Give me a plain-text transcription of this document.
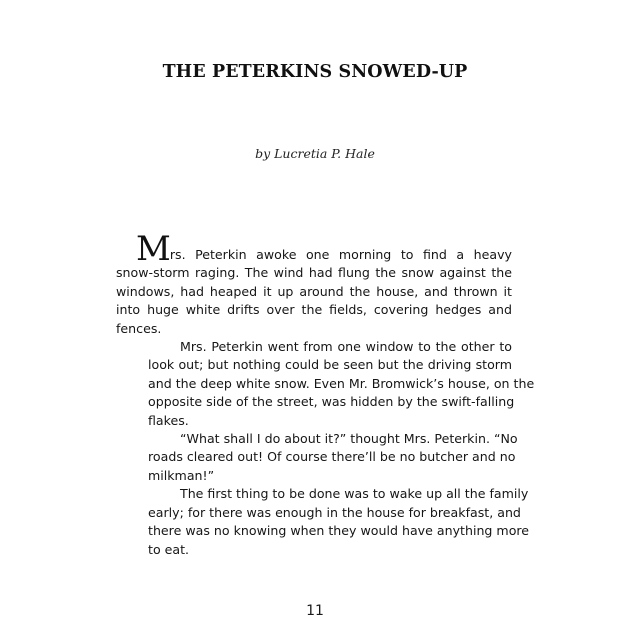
THE PETERKINS SNOWED-UP
by Lucretia P. Hale

Mrs. Peterkin awoke one morning to find a heavy
snow-storm raging. The wind had flung the snow against the
windows, had heaped it up around the house, and thrown it
into huge white drifts over the fields, covering hedges and
fences.

Mrs. Peterkin went from one window to the other to
look out; but nothing could be seen but the driving storm
and the deep white snow. Even Mr. Bromwick’s house, on the
opposite side of the street, was hidden by the swift-falling
flakes.

“What shall I do about it?” thought Mrs. Peterkin. “No
roads cleared out! Of course there’ll be no butcher and no
milkman!”

The first thing to be done was to wake up all the family
early; for there was enough in the house for breakfast, and
there was no knowing when they would have anything more
to eat.

11
